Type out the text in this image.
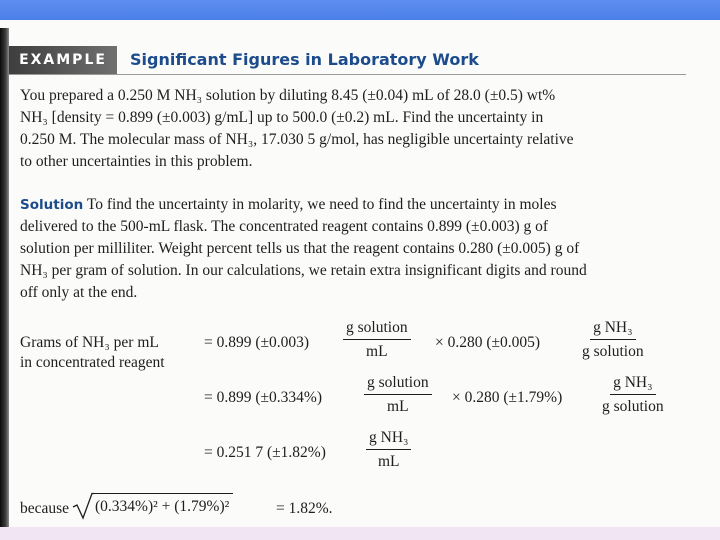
EXAMPLE	Significant Figures in Laboratory Work
You prepared a 0.250 M NH₃ solution by diluting 8.45 (±0.04) mL of 28.0 (±0.5) wt%
NH₃ [density = 0.899 (±0.003) g/mL] up to 500.0 (±0.2) mL. Find the uncertainty in
0.250 M. The molecular mass of NH₃, 17.030 5 g/mol, has negligible uncertainty relative
to other uncertainties in this problem.
Solution To find the uncertainty in molarity, we need to find the uncertainty in moles
delivered to the 500-mL flask. The concentrated reagent contains 0.899 (±0.003) g of
solution per milliliter. Weight percent tells us that the reagent contains 0.280 (±0.005) g of
NH₃ per gram of solution. In our calculations, we retain extra insignificant digits and round
off only at the end.
Grams of NH₃ per mL
in concentrated reagent
= 0.899 (±0.003)
g solution
mL
× 0.280 (±0.005)
g NH₃
g solution
= 0.899 (±0.334%)
g solution
mL
× 0.280 (±1.79%)
g NH₃
g solution
= 0.251 7 (±1.82%)	$\frac{\text{g NH₃}}{mL}$
because (0.334%)² + (1.79%)²	= 1.82%.
